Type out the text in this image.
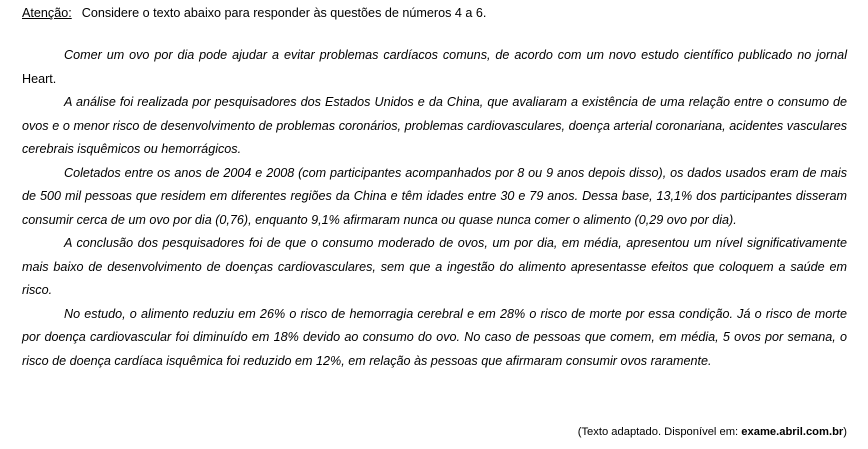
Atenção: Considere o texto abaixo para responder às questões de números 4 a 6.

Comer um ovo por dia pode ajudar a evitar problemas cardíacos comuns, de acordo com um novo estudo científico publicado no jornal Heart.

A análise foi realizada por pesquisadores dos Estados Unidos e da China, que avaliaram a existência de uma relação entre o consumo de ovos e o menor risco de desenvolvimento de problemas coronários, problemas cardiovasculares, doença arterial coronariana, acidentes vasculares cerebrais isquêmicos ou hemorrágicos.

Coletados entre os anos de 2004 e 2008 (com participantes acompanhados por 8 ou 9 anos depois disso), os dados usados eram de mais de 500 mil pessoas que residem em diferentes regiões da China e têm idades entre 30 e 79 anos. Dessa base, 13,1% dos participantes disseram consumir cerca de um ovo por dia (0,76), enquanto 9,1% afirmaram nunca ou quase nunca comer o alimento (0,29 ovo por dia).

A conclusão dos pesquisadores foi de que o consumo moderado de ovos, um por dia, em média, apresentou um nível significativamente mais baixo de desenvolvimento de doenças cardiovasculares, sem que a ingestão do alimento apresentasse efeitos que coloquem a saúde em risco.

No estudo, o alimento reduziu em 26% o risco de hemorragia cerebral e em 28% o risco de morte por essa condição. Já o risco de morte por doença cardiovascular foi diminuído em 18% devido ao consumo do ovo. No caso de pessoas que comem, em média, 5 ovos por semana, o risco de doença cardíaca isquêmica foi reduzido em 12%, em relação às pessoas que afirmaram consumir ovos raramente.

(Texto adaptado. Disponível em: exame.abril.com.br)
